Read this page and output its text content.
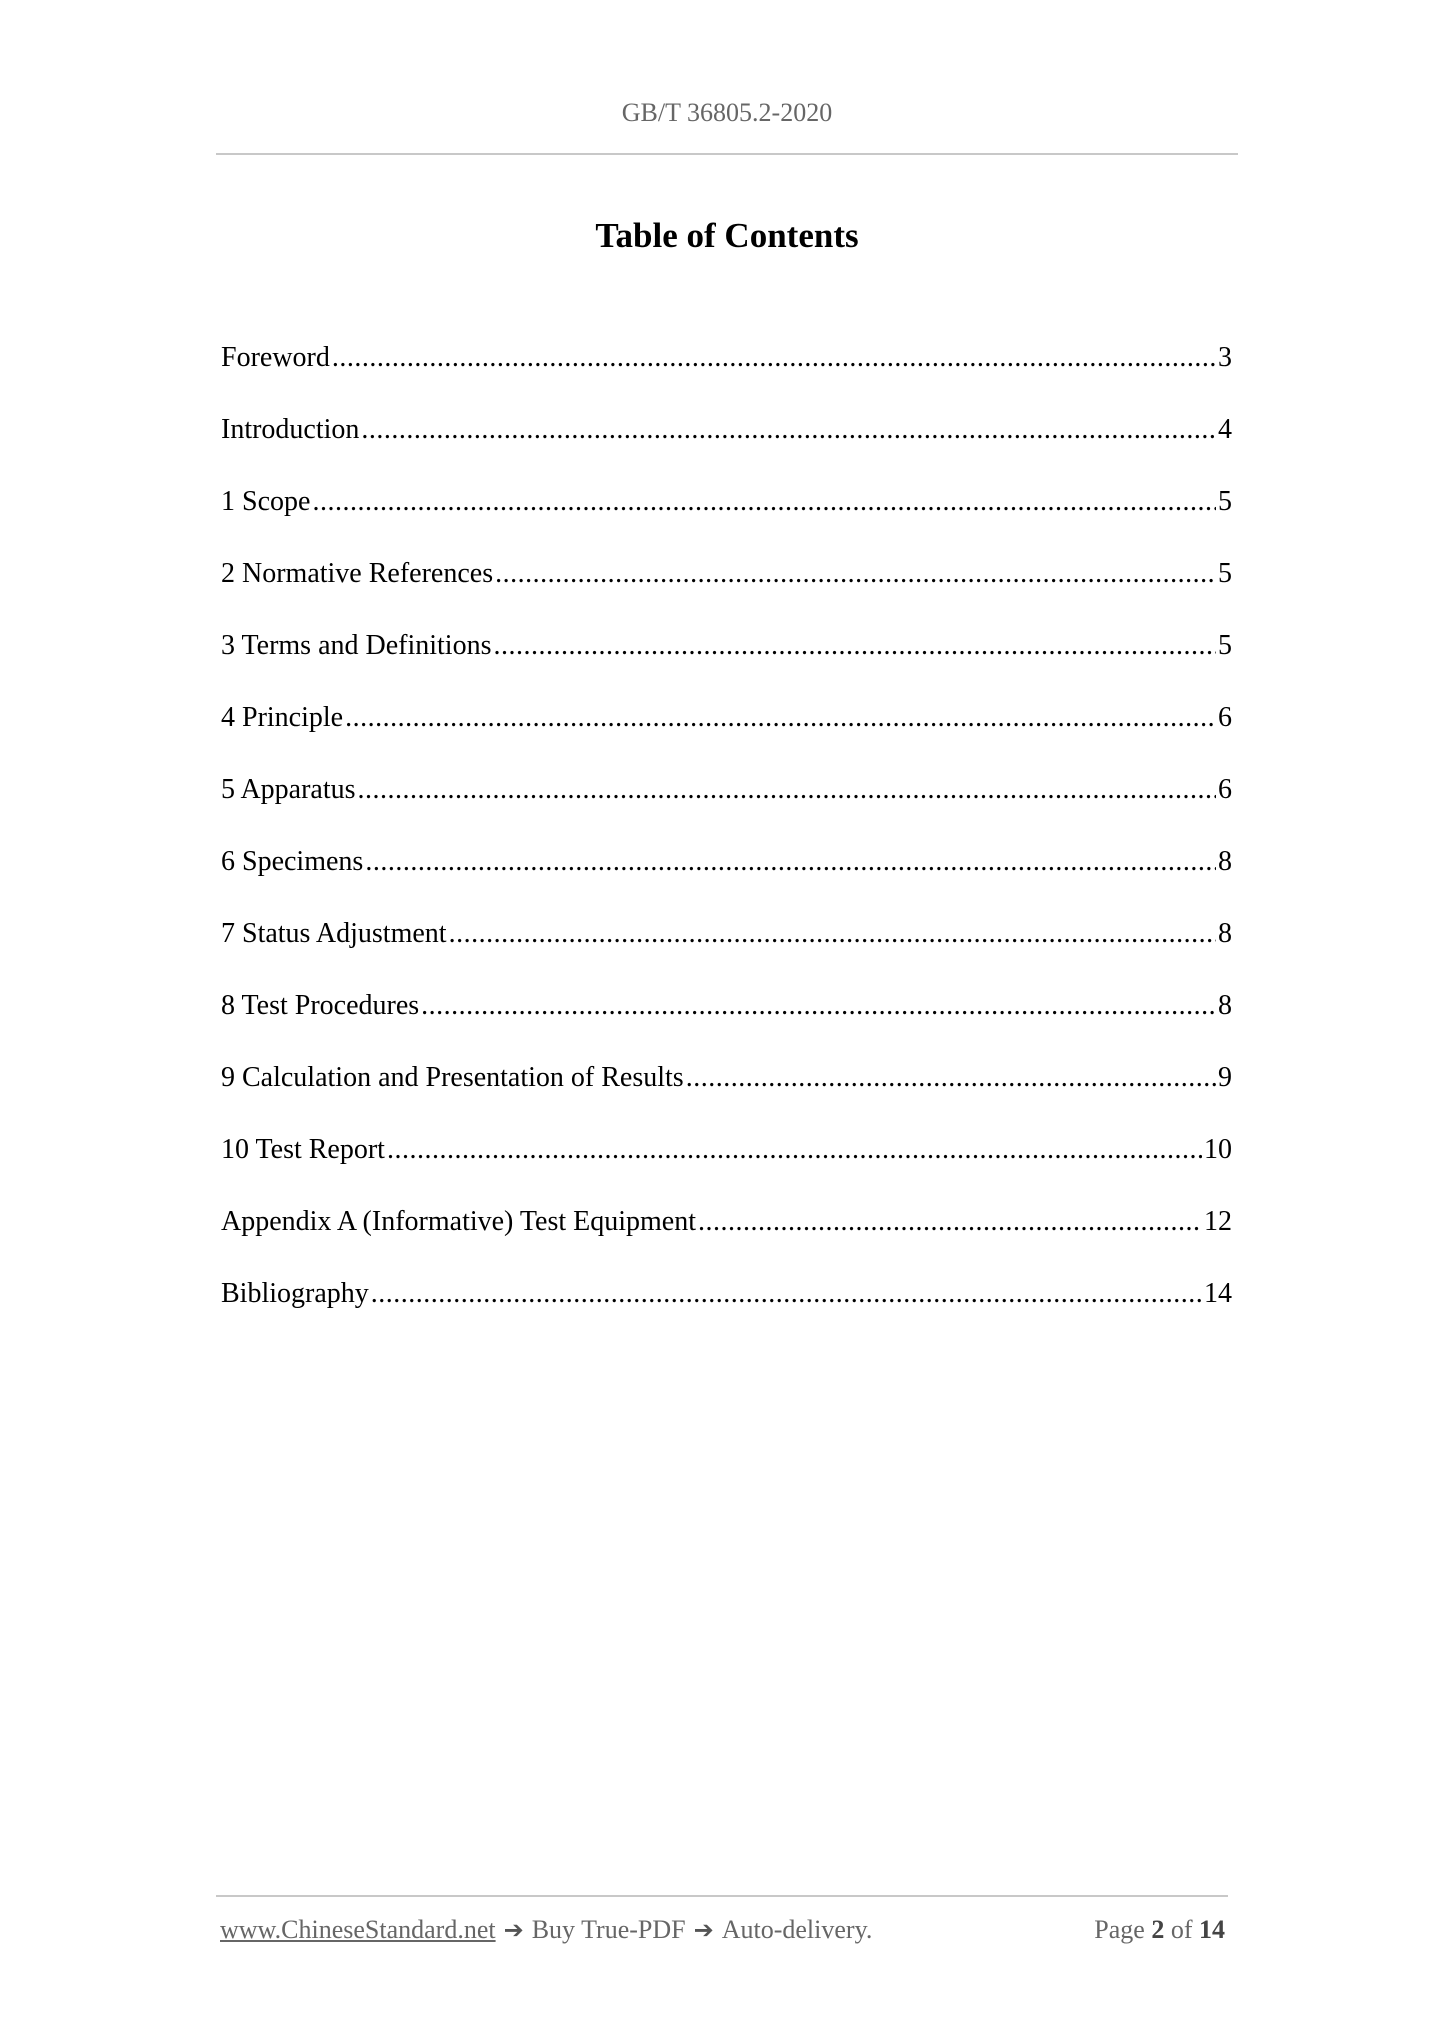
GB/T 36805.2-2020
Table of Contents
Foreword .....	3
Introduction .....	4
1 Scope .....	5
2 Normative References .....	5
3 Terms and Definitions .....	5
4 Principle .....	6
5 Apparatus .....	6
6 Specimens .....	8
7 Status Adjustment .....	8
8 Test Procedures .....	8
9 Calculation and Presentation of Results .....	9
10 Test Report .....	10
Appendix A (Informative) Test Equipment .....	12
Bibliography .....	14
www.ChineseStandard.net ➔ Buy True-PDF ➔ Auto-delivery.	Page 2 of 14
